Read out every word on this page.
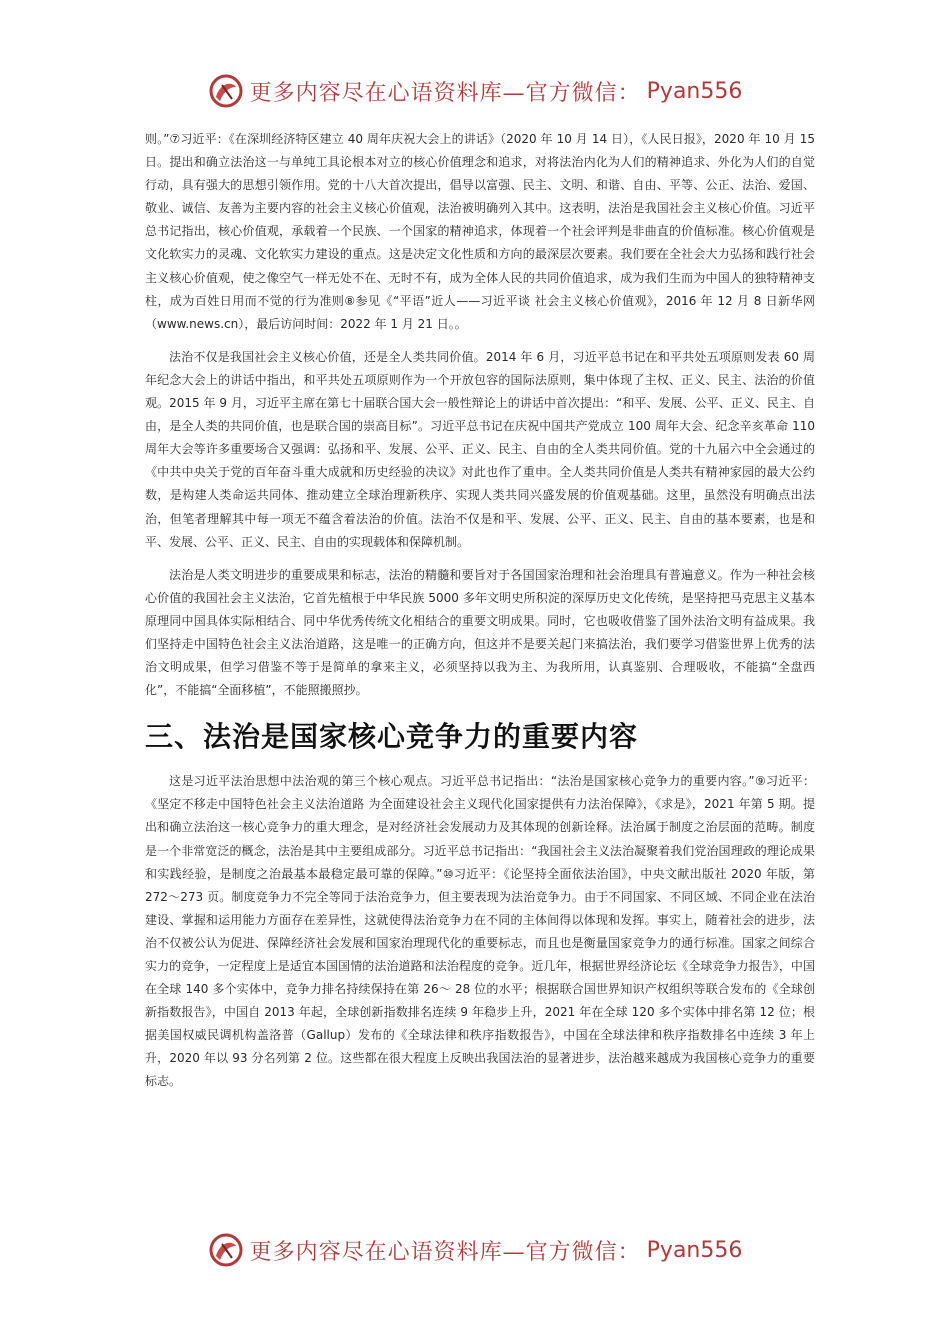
更多内容尽在心语资料库—官方微信： Pyan556

则。”⑦习近平：《在深圳经济特区建立 40 周年庆祝大会上的讲话》（2020 年 10 月 14 日），《人民日报》，2020 年 10 月 15 日。提出和确立法治这一与单纯工具论根本对立的核心价值理念和追求，对将法治内化为人们的精神追求、外化为人们的自觉行动，具有强大的思想引领作用。党的十八大首次提出，倡导以富强、民主、文明、和谐、自由、平等、公正、法治、爱国、敬业、诚信、友善为主要内容的社会主义核心价值观，法治被明确列入其中。这表明，法治是我国社会主义核心价值。习近平总书记指出，核心价值观，承载着一个民族、一个国家的精神追求，体现着一个社会评判是非曲直的价值标准。核心价值观是文化软实力的灵魂、文化软实力建设的重点。这是决定文化性质和方向的最深层次要素。我们要在全社会大力弘扬和践行社会主义核心价值观，使之像空气一样无处不在、无时不有，成为全体人民的共同价值追求，成为我们生而为中国人的独特精神支柱，成为百姓日用而不觉的行为准则⑧参见《“平语”近人——习近平谈 社会主义核心价值观》，2016 年 12 月 8 日新华网（www.news.cn），最后访问时间：2022 年 1 月 21 日。。

法治不仅是我国社会主义核心价值，还是全人类共同价值。2014 年 6 月，习近平总书记在和平共处五项原则发表 60 周年纪念大会上的讲话中指出，和平共处五项原则作为一个开放包容的国际法原则，集中体现了主权、正义、民主、法治的价值观。2015 年 9 月，习近平主席在第七十届联合国大会一般性辩论上的讲话中首次提出：“和平、发展、公平、正义、民主、自由，是全人类的共同价值，也是联合国的崇高目标”。习近平总书记在庆祝中国共产党成立 100 周年大会、纪念辛亥革命 110 周年大会等许多重要场合又强调：弘扬和平、发展、公平、正义、民主、自由的全人类共同价值。党的十九届六中全会通过的《中共中央关于党的百年奋斗重大成就和历史经验的决议》对此也作了重申。全人类共同价值是人类共有精神家园的最大公约数，是构建人类命运共同体、推动建立全球治理新秩序、实现人类共同兴盛发展的价值观基础。这里，虽然没有明确点出法治，但笔者理解其中每一项无不蕴含着法治的价值。法治不仅是和平、发展、公平、正义、民主、自由的基本要素，也是和平、发展、公平、正义、民主、自由的实现载体和保障机制。

法治是人类文明进步的重要成果和标志，法治的精髓和要旨对于各国国家治理和社会治理具有普遍意义。作为一种社会核心价值的我国社会主义法治，它首先植根于中华民族 5000 多年文明史所积淀的深厚历史文化传统，是坚持把马克思主义基本原理同中国具体实际相结合、同中华优秀传统文化相结合的重要文明成果。同时，它也吸收借鉴了国外法治文明有益成果。我们坚持走中国特色社会主义法治道路，这是唯一的正确方向，但这并不是要关起门来搞法治，我们要学习借鉴世界上优秀的法治文明成果，但学习借鉴不等于是简单的拿来主义，必须坚持以我为主、为我所用，认真鉴别、合理吸收，不能搞“全盘西化”，不能搞“全面移植”，不能照搬照抄。

三、法治是国家核心竞争力的重要内容

这是习近平法治思想中法治观的第三个核心观点。习近平总书记指出：“法治是国家核心竞争力的重要内容。”⑨习近平：《坚定不移走中国特色社会主义法治道路 为全面建设社会主义现代化国家提供有力法治保障》，《求是》，2021 年第 5 期。提出和确立法治这一核心竞争力的重大理念，是对经济社会发展动力及其体现的创新诠释。法治属于制度之治层面的范畴。制度是一个非常宽泛的概念，法治是其中主要组成部分。习近平总书记指出：“我国社会主义法治凝聚着我们党治国理政的理论成果和实践经验，是制度之治最基本最稳定最可靠的保障。”⑩习近平：《论坚持全面依法治国》，中央文献出版社 2020 年版，第 272～273 页。制度竞争力不完全等同于法治竞争力，但主要表现为法治竞争力。由于不同国家、不同区域、不同企业在法治建设、掌握和运用能力方面存在差异性，这就使得法治竞争力在不同的主体间得以体现和发挥。事实上，随着社会的进步，法治不仅被公认为促进、保障经济社会发展和国家治理现代化的重要标志，而且也是衡量国家竞争力的通行标准。国家之间综合实力的竞争，一定程度上是适宜本国国情的法治道路和法治程度的竞争。近几年，根据世界经济论坛《全球竞争力报告》，中国在全球 140 多个实体中，竞争力排名持续保持在第 26～ 28 位的水平；根据联合国世界知识产权组织等联合发布的《全球创新指数报告》，中国自 2013 年起，全球创新指数排名连续 9 年稳步上升，2021 年在全球 120 多个实体中排名第 12 位；根据美国权威民调机构盖洛普（Gallup）发布的《全球法律和秩序指数报告》，中国在全球法律和秩序指数排名中连续 3 年上升，2020 年以 93 分名列第 2 位。这些都在很大程度上反映出我国法治的显著进步，法治越来越成为我国核心竞争力的重要标志。

更多内容尽在心语资料库—官方微信： Pyan556
